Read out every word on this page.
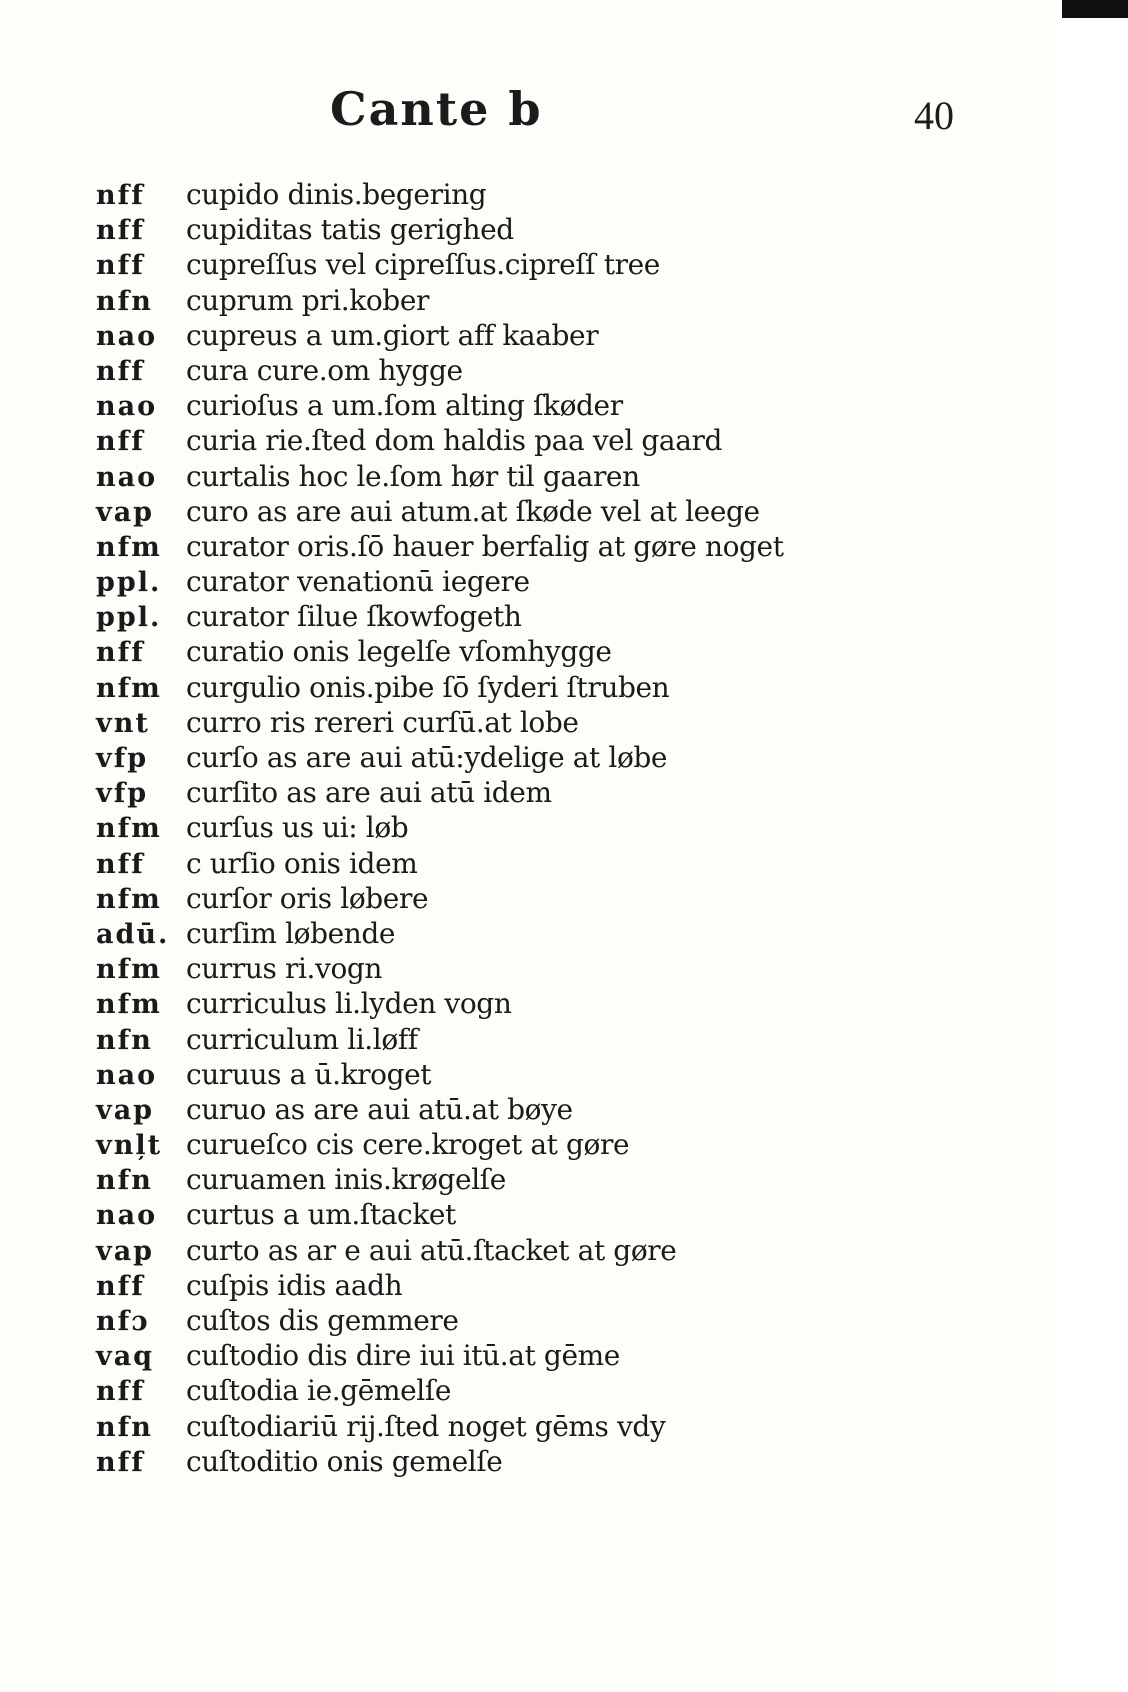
Cante b	40
nff	cupido dinis.begering
nff	cupiditas tatis gerighed
nff	cupreſſus vel cipreſſus.cipreſſ tree
nfn	cuprum pri.kober
nao	cupreus a um.giort aff kaaber
nff	cura cure.om hygge
nao	curioſus a um.ſom alting ſkøder
nff	curia rie.ſted dom haldis paa vel gaard
nao	curtalis hoc le.ſom hør til gaaren
vap	curo as are aui atum.at ſkøde vel at leege
nfm curator oris.ſō hauer berfalig at gøre noget
ppl. curator venationū iegere
ppl. curator ſilue ſkowfogeth
nff	curatio onis legelſe vſomhygge
nfm curgulio onis.pibe ſō ſyderi ſtruben
vnt	curro ris rereri curſū.at lobe
vfp	curſo as are aui atū:ydelige at løbe
vfp	curſito as are aui atū idem
nfm curſus us ui: løb
nff	c urſio onis idem
nfm curſor oris løbere
adū. curſim løbende
nfm currus ri.vogn
nfm curriculus li.lyden vogn
nfn	curriculum li.løff
nao	curuus a ū.kroget
vap	curuo as are aui atū.at bøye
vnļt curueſco cis cere.kroget at gøre
nfn	curuamen inis.krøgelſe
nao	curtus a um.ſtacket
vap	curto as ar e aui atū.ſtacket at gøre
nff	cuſpis idis aadh
nfɔ	cuſtos dis gemmere
vaq	cuſtodio dis dire iui itū.at gēme
nff	cuſtodia ie.gēmelſe
nfn	cuſtodiariū rij.ſted noget gēms vdy
nff	cuſtoditio onis gemelſe
